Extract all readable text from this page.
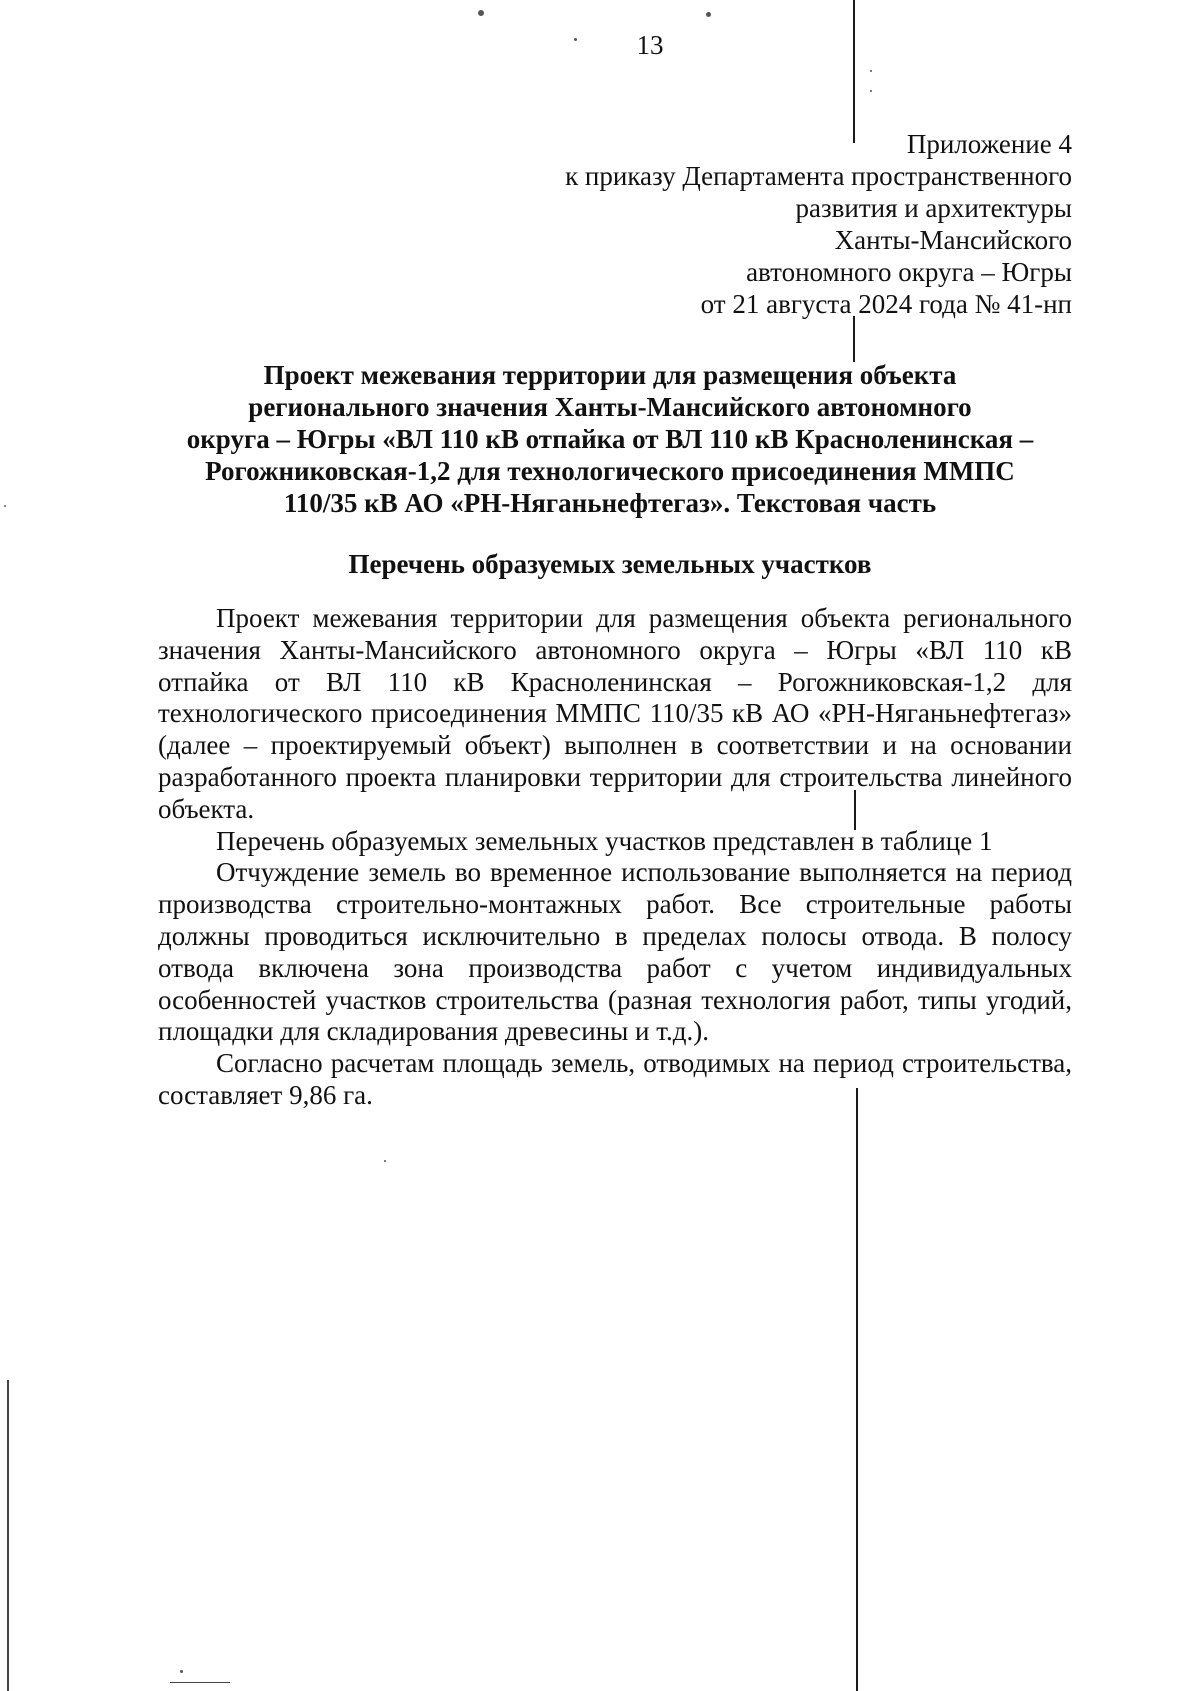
13
Приложение 4
к приказу Департамента пространственного
развития и архитектуры
Ханты-Мансийского
автономного округа – Югры
от 21 августа 2024 года № 41-нп
Проект межевания территории для размещения объекта
регионального значения Ханты-Мансийского автономного
округа – Югры «ВЛ 110 кВ отпайка от ВЛ 110 кВ Красноленинская –
Рогожниковская-1,2 для технологического присоединения ММПС
110/35 кВ АО «РН-Няганьнефтегаз». Текстовая часть
Перечень образуемых земельных участков

Проект межевания территории для размещения объекта регионального значения Ханты-Мансийского автономного округа – Югры «ВЛ 110 кВ отпайка от ВЛ 110 кВ Красноленинская – Рогожниковская-1,2 для технологического присоединения ММПС 110/35 кВ АО «РН-Няганьнефтегаз» (далее – проектируемый объект) выполнен в соответствии и на основании разработанного проекта планировки территории для строительства линейного объекта.

Перечень образуемых земельных участков представлен в таблице 1

Отчуждение земель во временное использование выполняется на период производства строительно-монтажных работ. Все строительные работы должны проводиться исключительно в пределах полосы отвода. В полосу отвода включена зона производства работ с учетом индивидуальных особенностей участков строительства (разная технология работ, типы угодий, площадки для складирования древесины и т.д.).

Согласно расчетам площадь земель, отводимых на период строительства, составляет 9,86 га.
